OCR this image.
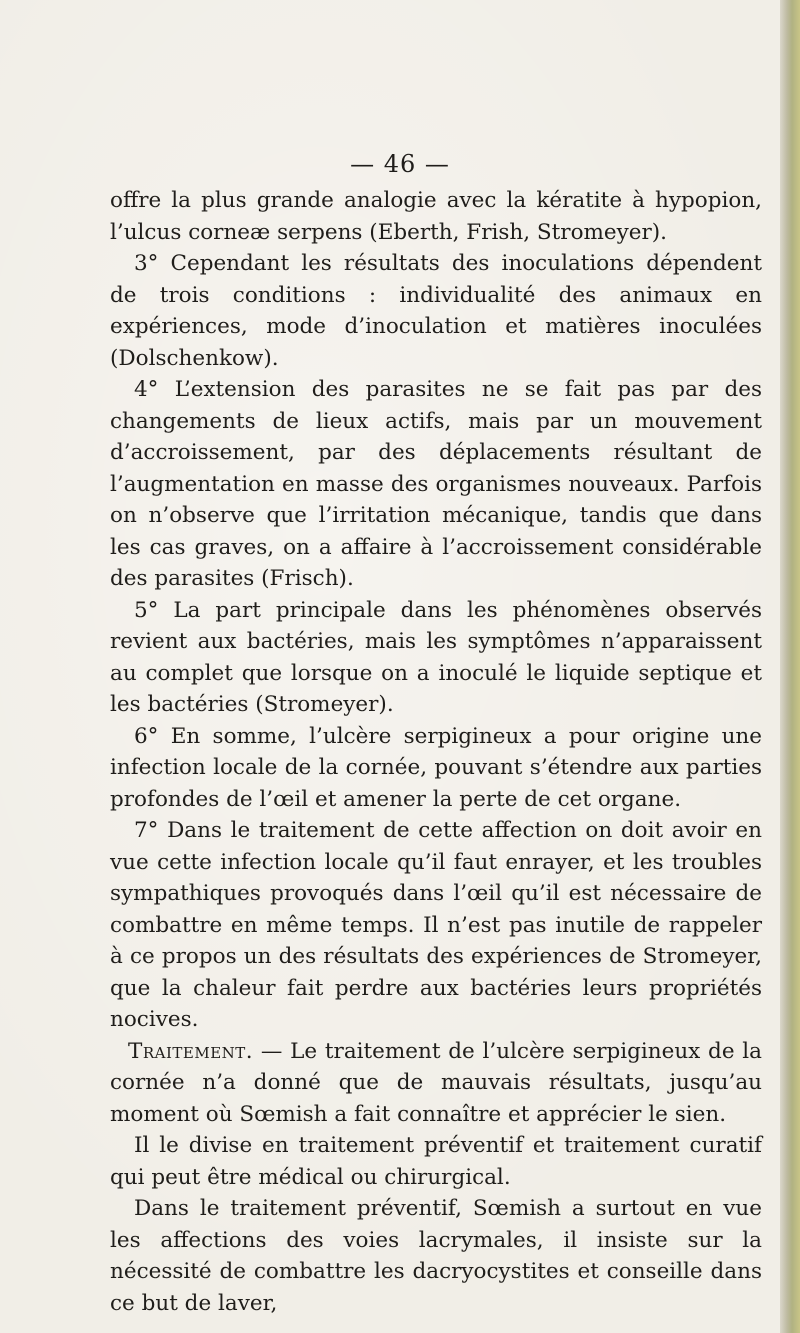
— 46 —

offre la plus grande analogie avec la kératite à hypopion, l’ulcus corneæ serpens (Eberth, Frish, Stromeyer).

3° Cependant les résultats des inoculations dépendent de trois conditions : individualité des animaux en expériences, mode d’inoculation et matières inoculées (Dolschenkow).

4° L’extension des parasites ne se fait pas par des changements de lieux actifs, mais par un mouvement d’accroissement, par des déplacements résultant de l’augmentation en masse des organismes nouveaux. Parfois on n’observe que l’irritation mécanique, tandis que dans les cas graves, on a affaire à l’accroissement considérable des parasites (Frisch).

5° La part principale dans les phénomènes observés revient aux bactéries, mais les symptômes n’apparaissent au complet que lorsque on a inoculé le liquide septique et les bactéries (Stromeyer).

6° En somme, l’ulcère serpigineux a pour origine une infection locale de la cornée, pouvant s’étendre aux parties profondes de l’œil et amener la perte de cet organe.

7° Dans le traitement de cette affection on doit avoir en vue cette infection locale qu’il faut enrayer, et les troubles sympathiques provoqués dans l’œil qu’il est nécessaire de combattre en même temps. Il n’est pas inutile de rappeler à ce propos un des résultats des expériences de Stromeyer, que la chaleur fait perdre aux bactéries leurs propriétés nocives.

Traitement. — Le traitement de l’ulcère serpigineux de la cornée n’a donné que de mauvais résultats, jusqu’au moment où Sœmish a fait connaître et apprécier le sien.

Il le divise en traitement préventif et traitement curatif qui peut être médical ou chirurgical.

Dans le traitement préventif, Sœmish a surtout en vue les affections des voies lacrymales, il insiste sur la nécessité de combattre les dacryocystites et conseille dans ce but de laver,
